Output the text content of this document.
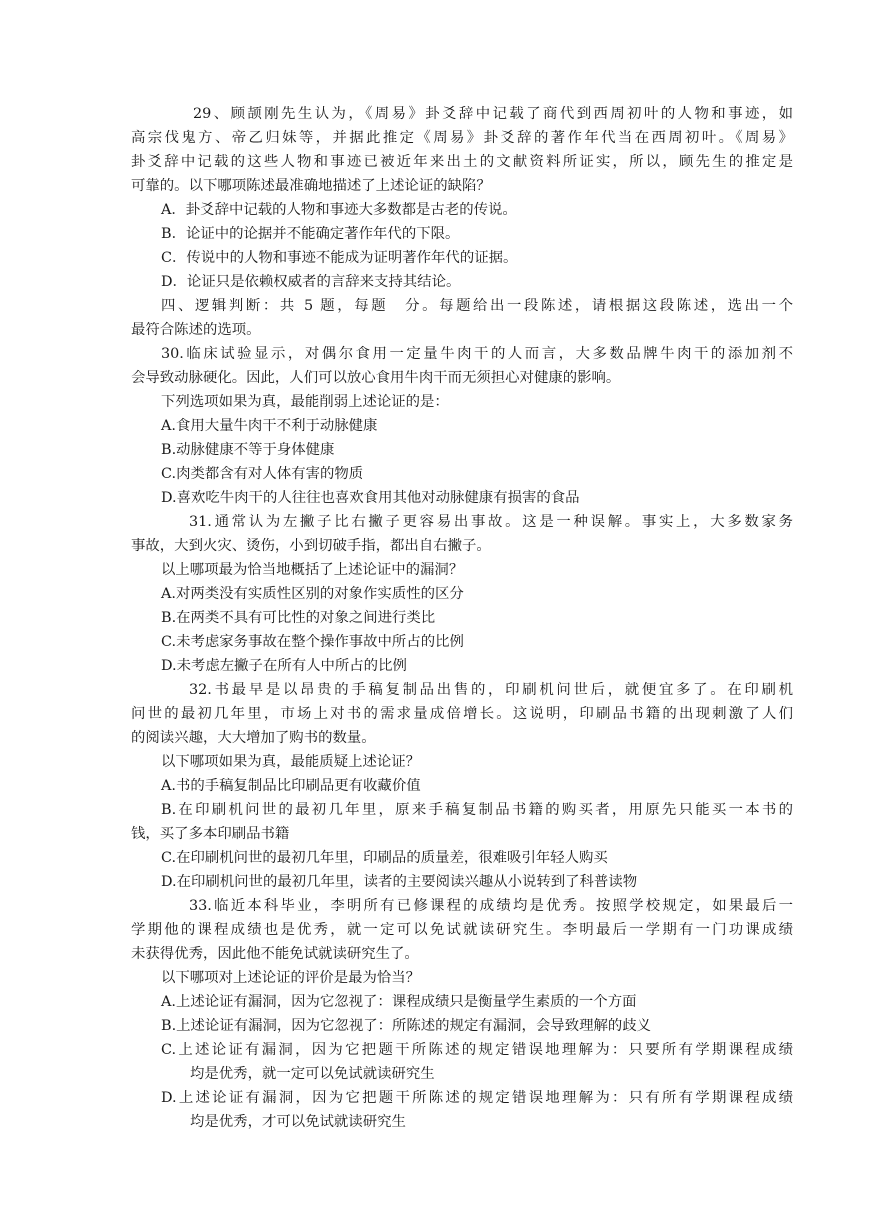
29、顾颉刚先生认为，《周易》卦爻辞中记载了商代到西周初叶的人物和事迹，如
高宗伐鬼方、帝乙归妹等，并据此推定《周易》卦爻辞的著作年代当在西周初叶。《周易》
卦爻辞中记载的这些人物和事迹已被近年来出土的文献资料所证实，所以，顾先生的推定是
可靠的。以下哪项陈述最准确地描述了上述论证的缺陷？
A．卦爻辞中记载的人物和事迹大多数都是古老的传说。
B．论证中的论据并不能确定著作年代的下限。
C．传说中的人物和事迹不能成为证明著作年代的证据。
D．论证只是依赖权威者的言辞来支持其结论。
四、逻辑判断：共 5 题，每题　分。每题给出一段陈述，请根据这段陈述，选出一个
最符合陈述的选项。
30.临床试验显示，对偶尔食用一定量牛肉干的人而言，大多数品牌牛肉干的添加剂不
会导致动脉硬化。因此，人们可以放心食用牛肉干而无须担心对健康的影响。
下列选项如果为真，最能削弱上述论证的是：
A.食用大量牛肉干不利于动脉健康
B.动脉健康不等于身体健康
C.肉类都含有对人体有害的物质
D.喜欢吃牛肉干的人往往也喜欢食用其他对动脉健康有损害的食品
31.通常认为左撇子比右撇子更容易出事故。这是一种误解。事实上，大多数家务
事故，大到火灾、烫伤，小到切破手指，都出自右撇子。
以上哪项最为恰当地概括了上述论证中的漏洞？
A.对两类没有实质性区别的对象作实质性的区分
B.在两类不具有可比性的对象之间进行类比
C.未考虑家务事故在整个操作事故中所占的比例
D.未考虑左撇子在所有人中所占的比例
32.书最早是以昂贵的手稿复制品出售的，印刷机问世后，就便宜多了。在印刷机
问世的最初几年里，市场上对书的需求量成倍增长。这说明，印刷品书籍的出现刺激了人们
的阅读兴趣，大大增加了购书的数量。
以下哪项如果为真，最能质疑上述论证？
A.书的手稿复制品比印刷品更有收藏价值
B.在印刷机问世的最初几年里，原来手稿复制品书籍的购买者，用原先只能买一本书的
钱，买了多本印刷品书籍
C.在印刷机问世的最初几年里，印刷品的质量差，很难吸引年轻人购买
D.在印刷机问世的最初几年里，读者的主要阅读兴趣从小说转到了科普读物
33.临近本科毕业，李明所有已修课程的成绩均是优秀。按照学校规定，如果最后一
学期他的课程成绩也是优秀，就一定可以免试就读研究生。李明最后一学期有一门功课成绩
未获得优秀，因此他不能免试就读研究生了。
以下哪项对上述论证的评价是最为恰当？
A.上述论证有漏洞，因为它忽视了：课程成绩只是衡量学生素质的一个方面
B.上述论证有漏洞，因为它忽视了：所陈述的规定有漏洞，会导致理解的歧义
C.上述论证有漏洞，因为它把题干所陈述的规定错误地理解为：只要所有学期课程成绩
均是优秀，就一定可以免试就读研究生
D.上述论证有漏洞，因为它把题干所陈述的规定错误地理解为：只有所有学期课程成绩
均是优秀，才可以免试就读研究生
